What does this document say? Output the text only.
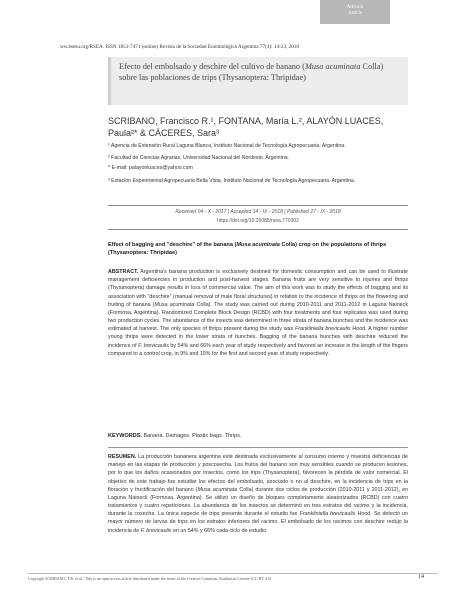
Artículo
Article
ww.bsesu.org/RSEA. ISSN 1851-7471 (online) Revista de la Sociedad Entomológica Argentina 77(3): 14-23, 2018

Efecto del embolsado y deschire del cultivo de banano (Musa acuminata Colla) sobre las poblaciones de trips (Thysanoptera: Thripidae)

SCRIBANO, Francisco R.¹, FONTANA, María L.², ALAYÓN LUACES,
Paula²* & CÁCERES, Sara³
¹ Agencia de Extensión Rural Laguna Blanca, Instituto Nacional de Tecnología Agropecuaria. Argentina.
² Facultad de Ciencias Agrarias, Universidad Nacional del Nordeste. Argentina.
* E-mail: palayonluaces@yahoo.com
³ Estación Experimental Agropecuaria Bella Vista, Instituto Nacional de Tecnología Agropecuaria. Argentina.
Received 04 - X - 2017 | Accepted 14 - IX - 2018 | Published 27 - IX - 2018
https://doi.org/10.25085/rsea.770302
Effect of bagging and "deschire" of the banana (Musa acuminata Colla) crop on the populations of thrips (Thysanoptera: Thripidae)
ABSTRACT. Argentina's banana production is exclusively destined for domestic consumption and can be used to illustrate management deficiencies in production and post-harvest stages. Banana fruits are very sensitive to injuries and thrips (Thysanoptera) damage results in loss of commercial value. The aim of this work was to study the effects of bagging and its association with "deschire" (manual removal of male floral structures) in relation to the incidence of thrips on the flowering and fruiting of banana (Musa acuminata Colla). The study was carried out during 2010-2011 and 2011-2012 in Laguna Naineck (Formosa, Argentina). Randomized Complete Block Design (RCBD) with four treatments and four replicates was used during two production cycles. The abundance of the insects was determined in three strata of banana bunches and the incidence was estimated at harvest. The only species of thrips present during the study was Frankliniella brevicaulis Hood. A higher number young thrips were detected in the lower strata of bunches. Bagging of the banana bunches with deschire reduced the incidence of F. brevicaulis by 54% and 66% each year of study respectively and favored an increase in the length of the fingers compared to a control crop, in 9% and 10% for the first and second year of study respectively.
KEYWORDS. Banana. Damages. Plastic bags. Thrips.
RESUMEN. La producción bananera argentina esté destinada exclusivamente al consumo interno y muestra deficiencias de manejo en las etapas de producción y poscosecha. Los frutos del banano son muy sensibles cuando se producen lesiones, por lo que los daños ocasionados por insectos, como los trips (Thysanoptera), favorecen la pérdida de valor comercial. El objetivo de este trabajo fue estudiar los efectos del embolsado, asociado o no al deschire, en la incidencia de trips en la floración y fructificación del banano (Musa acuminata Colla) durante dos ciclos de producción (2010-2011 y 2011-2012), en Laguna Naineck (Formosa, Argentina). Se utilizó un diseño de bloques completamente aleatorizados (RCBD) con cuatro tratamientos y cuatro repeticiones. La abundancia de los insectos se determinó en tres estratos del racimo y la incidencia, durante la cosecha. La única especie de trips presente durante el estudio fue Frankliniella brevicaulis Hood. Se detectó un mayor número de larvas de trips en los estratos inferiores del racimo. El embolsado de los racimos con deschire redujo la incidencia de F. brevicaulis en un 54% y 66% cada ciclo de estudio
Copyright SCRIBANO, F.R. et al.- This is an open access article distributed under the terms of the Creative Commons Attribution License (CC BY 4.0)	14
